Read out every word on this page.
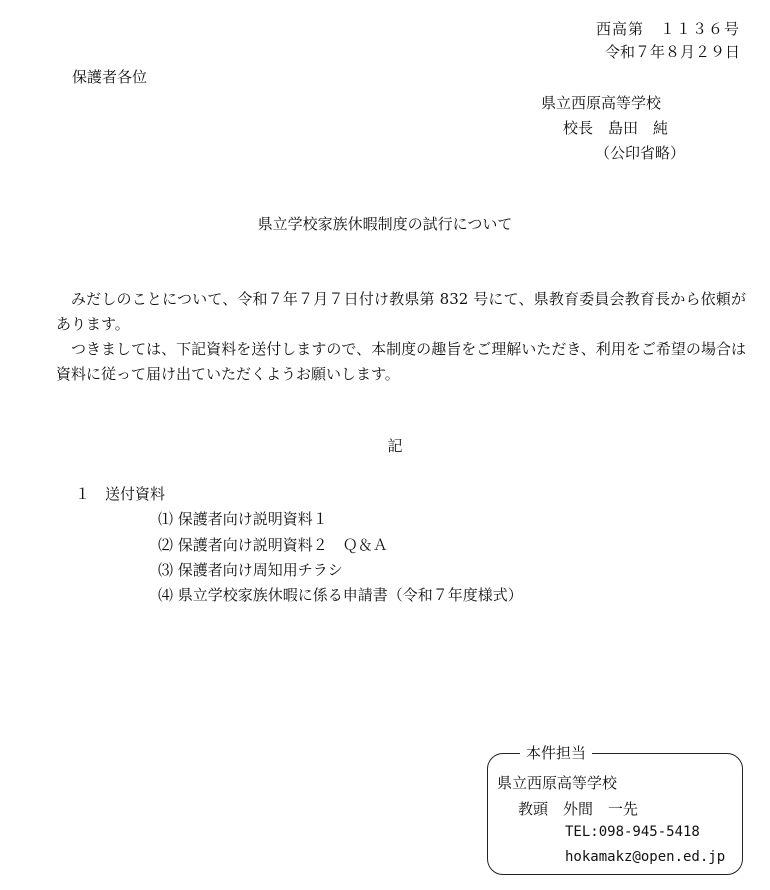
西高第　１１３６号
令和７年８月２９日
保護者各位
県立西原高等学校
校長　島田　純
（公印省略）
県立学校家族休暇制度の試行について
みだしのことについて、令和７年７月７日付け教県第 832 号にて、県教育委員会教育長から依頼があります。
つきましては、下記資料を送付しますので、本制度の趣旨をご理解いただき、利用をご希望の場合は資料に従って届け出ていただくようお願いします。
記
１　送付資料
⑴ 保護者向け説明資料１
⑵ 保護者向け説明資料２　Ｑ＆Ａ
⑶ 保護者向け周知用チラシ
⑷ 県立学校家族休暇に係る申請書（令和７年度様式）
本件担当
県立西原高等学校
教頭　外間　一先
TEL:098-945-5418
hokamakz@open.ed.jp
